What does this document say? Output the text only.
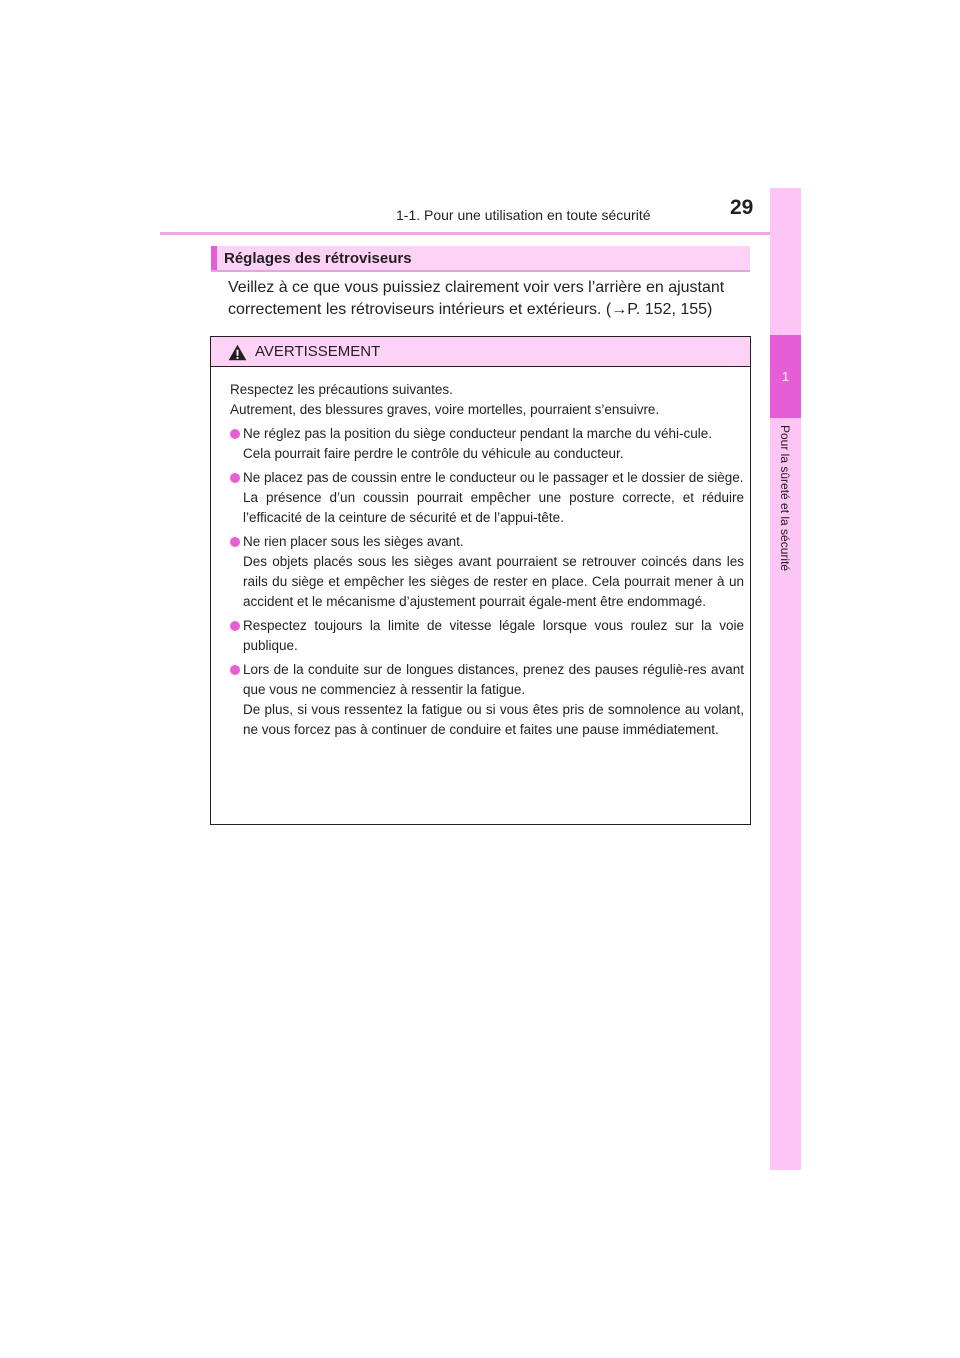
1-1. Pour une utilisation en toute sécurité	29
1
Pour la sûreté et la sécurité
Réglages des rétroviseurs

Veillez à ce que vous puissiez clairement voir vers l’arrière en ajustant

correctement les rétroviseurs intérieurs et extérieurs. (→P. 152, 155)

AVERTISSEMENT

Respectez les précautions suivantes.

Autrement, des blessures graves, voire mortelles, pourraient s’ensuivre.

Ne réglez pas la position du siège conducteur pendant la marche du véhi-cule.

Cela pourrait faire perdre le contrôle du véhicule au conducteur.

Ne placez pas de coussin entre le conducteur ou le passager et le dossier de siège.

La présence d’un coussin pourrait empêcher une posture correcte, et réduire l’efficacité de la ceinture de sécurité et de l’appui-tête.

Ne rien placer sous les sièges avant.

Des objets placés sous les sièges avant pourraient se retrouver coincés dans les rails du siège et empêcher les sièges de rester en place. Cela pourrait mener à un accident et le mécanisme d’ajustement pourrait égale-ment être endommagé.

Respectez toujours la limite de vitesse légale lorsque vous roulez sur la voie publique.

Lors de la conduite sur de longues distances, prenez des pauses réguliè-res avant que vous ne commenciez à ressentir la fatigue.

De plus, si vous ressentez la fatigue ou si vous êtes pris de somnolence au volant, ne vous forcez pas à continuer de conduire et faites une pause immédiatement.
